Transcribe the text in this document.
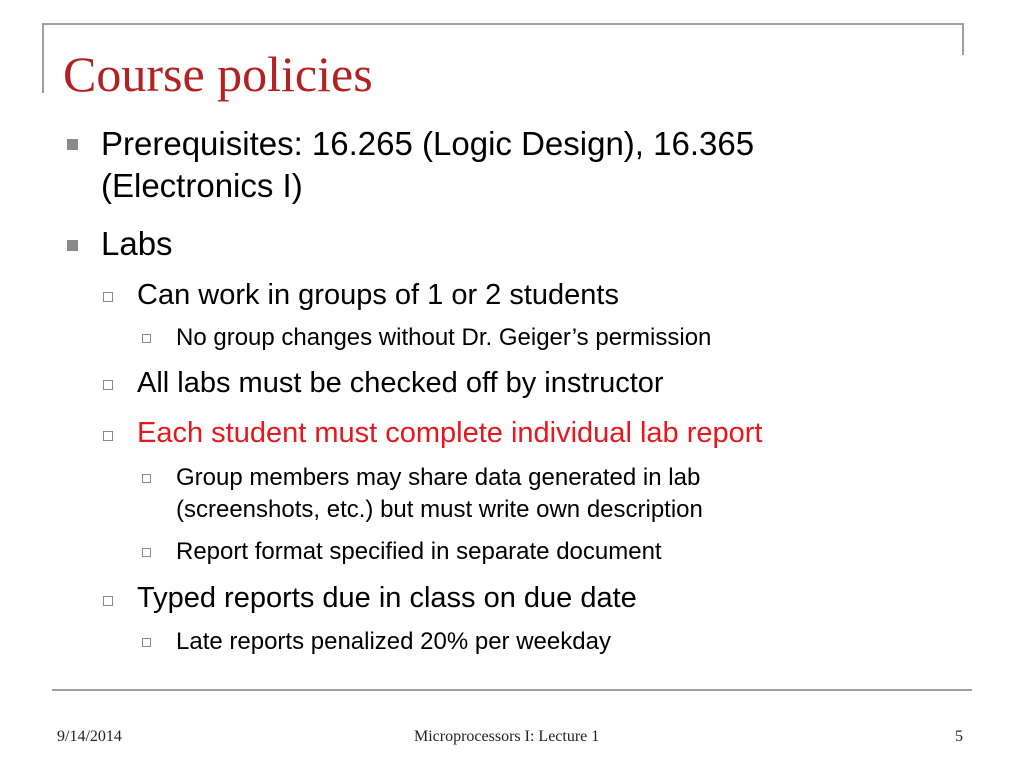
Course policies
Prerequisites: 16.265 (Logic Design), 16.365
(Electronics I)
Labs
Can work in groups of 1 or 2 students
No group changes without Dr. Geiger’s permission
All labs must be checked off by instructor
Each student must complete individual lab report
Group members may share data generated in lab
(screenshots, etc.) but must write own description
Report format specified in separate document
Typed reports due in class on due date
Late reports penalized 20% per weekday
9/14/2014	Microprocessors I: Lecture 1	5
